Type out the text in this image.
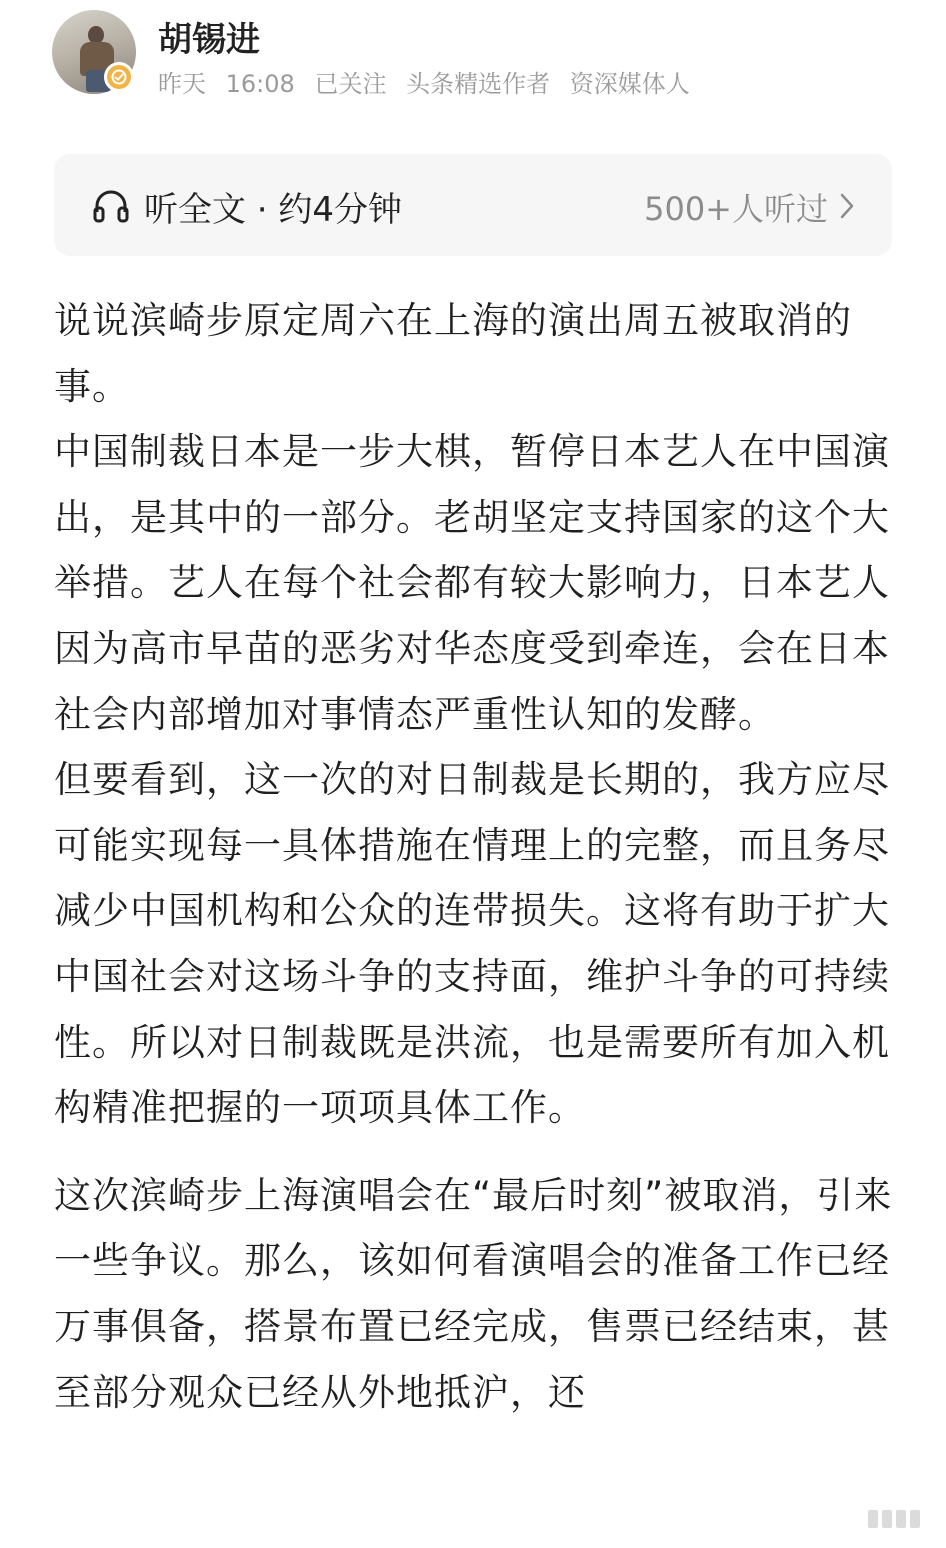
胡锡进
昨天 16:08 已关注 头条精选作者 资深媒体人
听全文 · 约4分钟	500+人听过

说说滨崎步原定周六在上海的演出周五被取消的事。

中国制裁日本是一步大棋，暂停日本艺人在中国演出，是其中的一部分。老胡坚定支持国家的这个大举措。艺人在每个社会都有较大影响力，日本艺人因为高市早苗的恶劣对华态度受到牵连，会在日本社会内部增加对事情态严重性认知的发酵。

但要看到，这一次的对日制裁是长期的，我方应尽可能实现每一具体措施在情理上的完整，而且务尽减少中国机构和公众的连带损失。这将有助于扩大中国社会对这场斗争的支持面，维护斗争的可持续性。所以对日制裁既是洪流，也是需要所有加入机构精准把握的一项项具体工作。

这次滨崎步上海演唱会在“最后时刻”被取消，引来一些争议。那么，该如何看演唱会的准备工作已经万事俱备，搭景布置已经完成，售票已经结束，甚至部分观众已经从外地抵沪，还
